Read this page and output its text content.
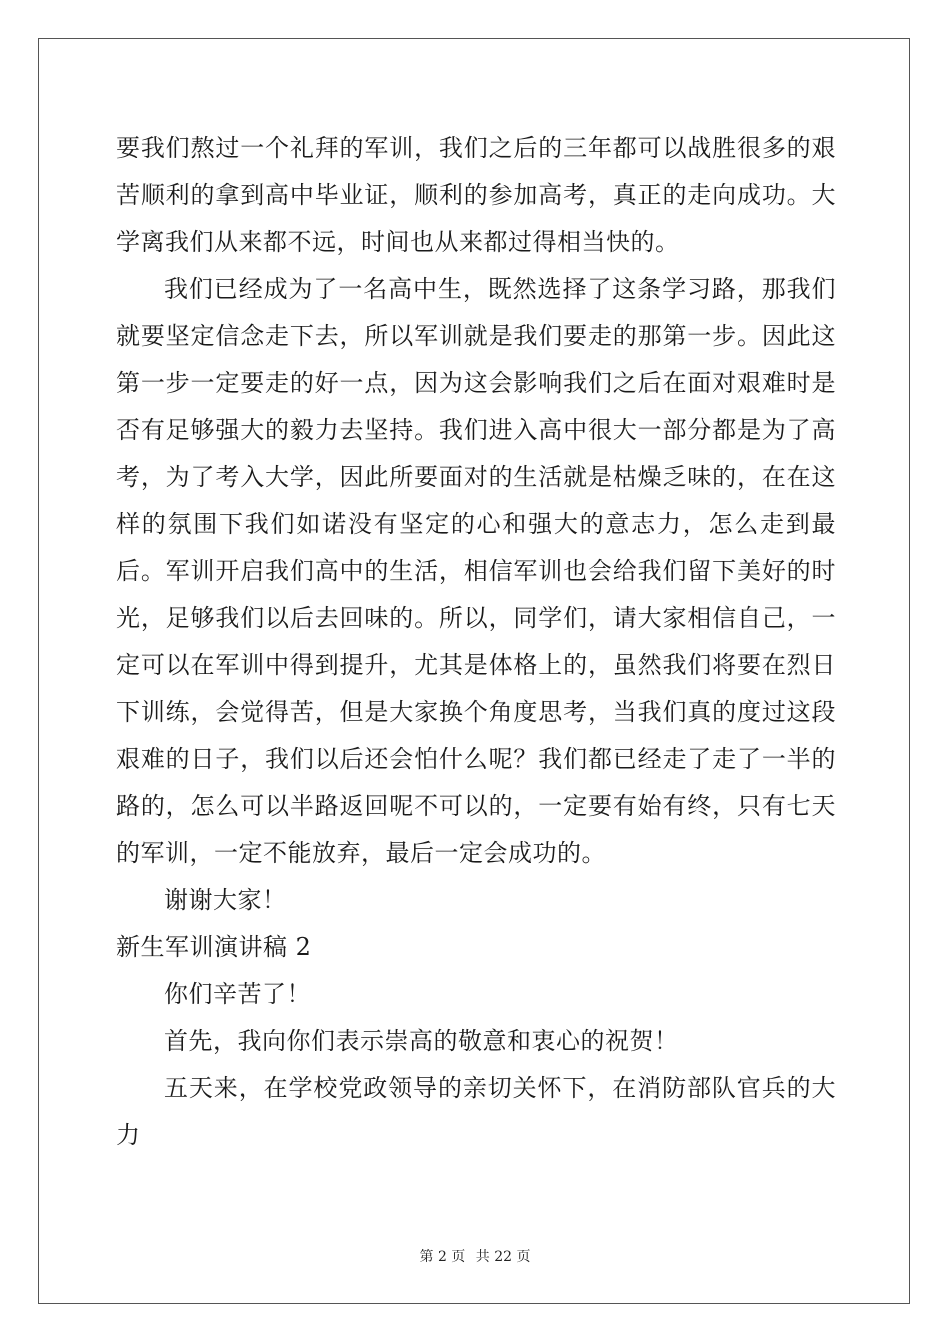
要我们熬过一个礼拜的军训，我们之后的三年都可以战胜很多的艰苦顺利的拿到高中毕业证，顺利的参加高考，真正的走向成功。大学离我们从来都不远，时间也从来都过得相当快的。

我们已经成为了一名高中生，既然选择了这条学习路，那我们就要坚定信念走下去，所以军训就是我们要走的那第一步。因此这第一步一定要走的好一点，因为这会影响我们之后在面对艰难时是否有足够强大的毅力去坚持。我们进入高中很大一部分都是为了高考，为了考入大学，因此所要面对的生活就是枯燥乏味的，在在这样的氛围下我们如诺没有坚定的心和强大的意志力，怎么走到最后。军训开启我们高中的生活，相信军训也会给我们留下美好的时光，足够我们以后去回味的。所以，同学们，请大家相信自己，一定可以在军训中得到提升，尤其是体格上的，虽然我们将要在烈日下训练，会觉得苦，但是大家换个角度思考，当我们真的度过这段艰难的日子，我们以后还会怕什么呢？我们都已经走了走了一半的路的，怎么可以半路返回呢不可以的，一定要有始有终，只有七天的军训，一定不能放弃，最后一定会成功的。

谢谢大家！

新生军训演讲稿 2

你们辛苦了！

首先，我向你们表示崇高的敬意和衷心的祝贺！

五天来，在学校党政领导的亲切关怀下，在消防部队官兵的大力

第 2 页 共 22 页
